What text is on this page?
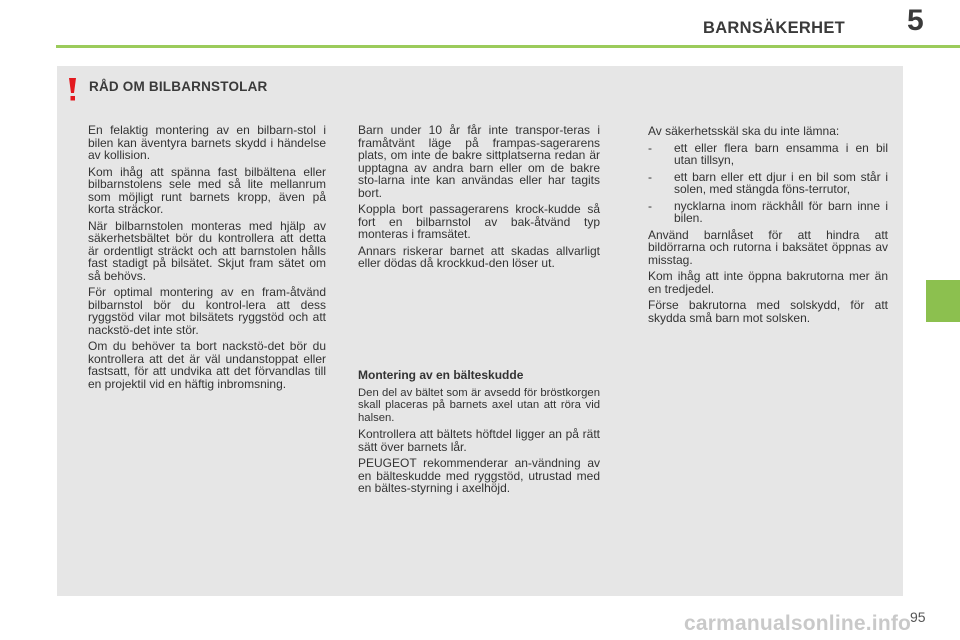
BARNSÄKERHET 5
RÅD OM BILBARNSTOLAR

En felaktig montering av en bilbarn-stol i bilen kan äventyra barnets skydd i händelse av kollision.

Kom ihåg att spänna fast bilbältena eller bilbarnstolens sele med så lite mellanrum som möjligt runt barnets kropp, även på korta sträckor.

När bilbarnstolen monteras med hjälp av säkerhetsbältet bör du kontrollera att detta är ordentligt sträckt och att barnstolen hålls fast stadigt på bilsätet. Skjut fram sätet om så behövs.

För optimal montering av en fram-åtvänd bilbarnstol bör du kontrol-lera att dess ryggstöd vilar mot bilsätets ryggstöd och att nackstö-det inte stör.

Om du behöver ta bort nackstö-det bör du kontrollera att det är väl undanstoppat eller fastsatt, för att undvika att det förvandlas till en projektil vid en häftig inbromsning.

Barn under 10 år får inte transpor-teras i framåtvänt läge på frampas-sagerarens plats, om inte de bakre sittplatserna redan är upptagna av andra barn eller om de bakre sto-larna inte kan användas eller har tagits bort.

Koppla bort passagerarens krock-kudde så fort en bilbarnstol av bak-åtvänd typ monteras i framsätet.

Annars riskerar barnet att skadas allvarligt eller dödas då krockkud-den löser ut.

Montering av en bälteskudde

Den del av bältet som är avsedd för bröstkorgen skall placeras på barnets axel utan att röra vid halsen.

Kontrollera att bältets höftdel ligger an på rätt sätt över barnets lår.

PEUGEOT rekommenderar an-vändning av en bälteskudde med ryggstöd, utrustad med en bältes-styrning i axelhöjd.

Av säkerhetsskäl ska du inte lämna:

-	ett eller flera barn ensamma i en bil utan tillsyn,
-	ett barn eller ett djur i en bil som står i solen, med stängda föns-terrutor,
-	nycklarna inom räckhåll för barn inne i bilen.

Använd barnlåset för att hindra att bildörrarna och rutorna i baksätet öppnas av misstag.

Kom ihåg att inte öppna bakrutorna mer än en tredjedel.

Förse bakrutorna med solskydd, för att skydda små barn mot solsken.

carmanualsonline.info
95
